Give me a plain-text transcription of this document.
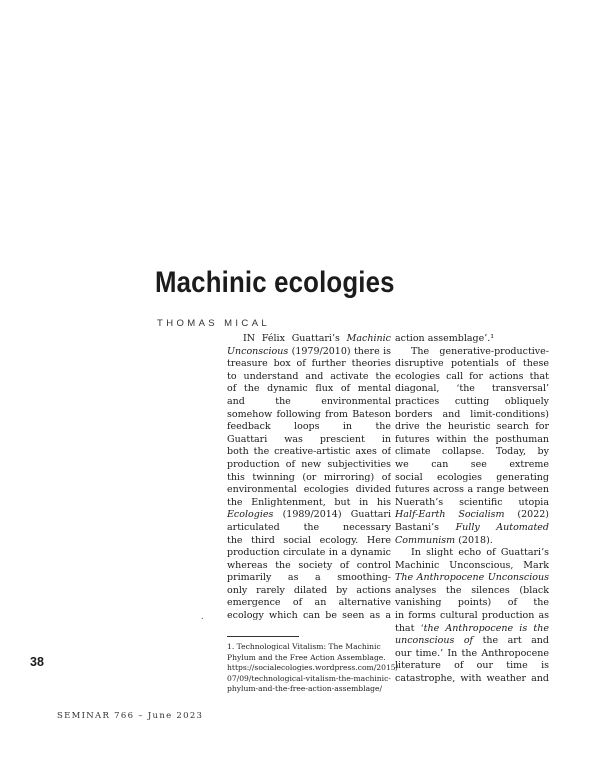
Machinic ecologies
THOMAS MICAL
IN Félix Guattari’s Machinic
Unconscious (1979/2010) there is
treasure box of further theories
to understand and activate the
of the dynamic flux of mental
and the environmental
somehow following from Bateson
feedback loops in the
Guattari was prescient in
both the creative-artistic axes of
production of new subjectivities
this twinning (or mirroring) of
environmental ecologies divided
the Enlightenment, but in his
Ecologies (1989/2014) Guattari
articulated the necessary
the third social ecology. Here
production circulate in a dynamic
whereas the society of control
primarily as a smoothing-
only rarely dilated by actions
emergence of an alternative
ecology which can be seen as a
action assemblage’.¹
The generative-productive-
disruptive potentials of these
ecologies call for actions that
diagonal, ‘the transversal’
practices cutting obliquely
borders and limit-conditions)
drive the heuristic search for
futures within the posthuman
climate collapse. Today, by
we can see extreme
social ecologies generating
futures across a range between
Nuerath’s scientific utopia
Half-Earth Socialism (2022)
Bastani’s Fully Automated
Communism (2018).
In slight echo of Guattari’s
Machinic Unconscious, Mark
The Anthropocene Unconscious
analyses the silences (black
vanishing points) of the
in forms cultural production as
that ‘the Anthropocene is the
unconscious of the art and
our time.’ In the Anthropocene
literature of our time is
catastrophe, with weather and
.
1. Technological Vitalism: The Machinic
Phylum and the Free Action Assemblage.
https://socialecologies.wordpress.com/2015/
07/09/technological-vitalism-the-machinic-
phylum-and-the-free-action-assemblage/
38
SEMINAR 766 – June 2023
